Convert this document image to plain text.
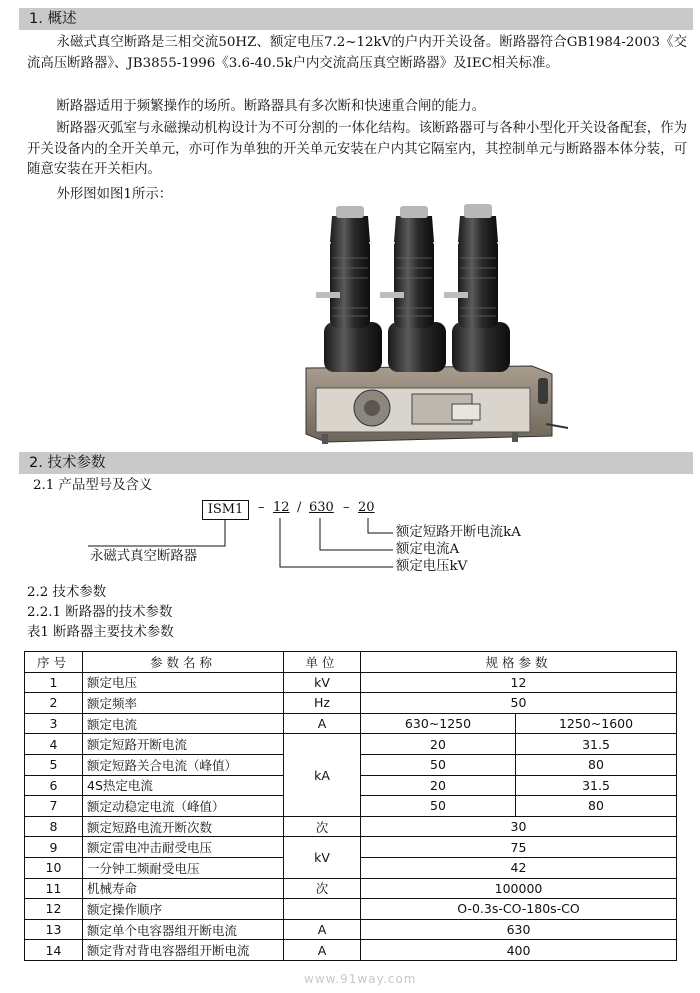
1. 概述

永磁式真空断路是三相交流50HZ、额定电压7.2~12kV的户内开关设备。断路器符合GB1984-2003《交流高压断路器》、JB3855-1996《3.6-40.5k户内交流高压真空断路器》及IEC相关标准。

断路器适用于频繁操作的场所。断路器具有多次断和快速重合闸的能力。

断路器灭弧室与永磁操动机构设计为不可分割的一体化结构。该断路器可与各种小型化开关设备配套，作为开关设备内的全开关单元，亦可作为单独的开关单元安装在户内其它隔室内，其控制单元与断路器本体分装，可随意安装在开关柜内。

外形图如图1所示：

2. 技术参数
2.1 产品型号及含义
ISM1	– 12 / 630 – 20
额定短路开断电流kA
额定电流A
额定电压kV
永磁式真空断路器
2.2 技术参数
2.2.1 断路器的技术参数
表1 断路器主要技术参数
序号	参数名称	单位	规格参数	
1	额定电压	kV	12	
2	额定频率	Hz	50	
3	额定电流	A	630~1250	1250~1600
4	额定短路开断电流	kA	20	31.5
5	额定短路关合电流（峰值）		50	80
6	4S热定电流		20	31.5
7	额定动稳定电流（峰值）		50	80
8	额定短路电流开断次数	次	30	
9	额定雷电冲击耐受电压	kV	75	
10	一分钟工频耐受电压		42	
11	机械寿命	次	100000	
12	额定操作顺序		O-0.3s-CO-180s-CO	
13	额定单个电容器组开断电流	A	630	
14	额定背对背电容器组开断电流	A	400	
www.91way.com
